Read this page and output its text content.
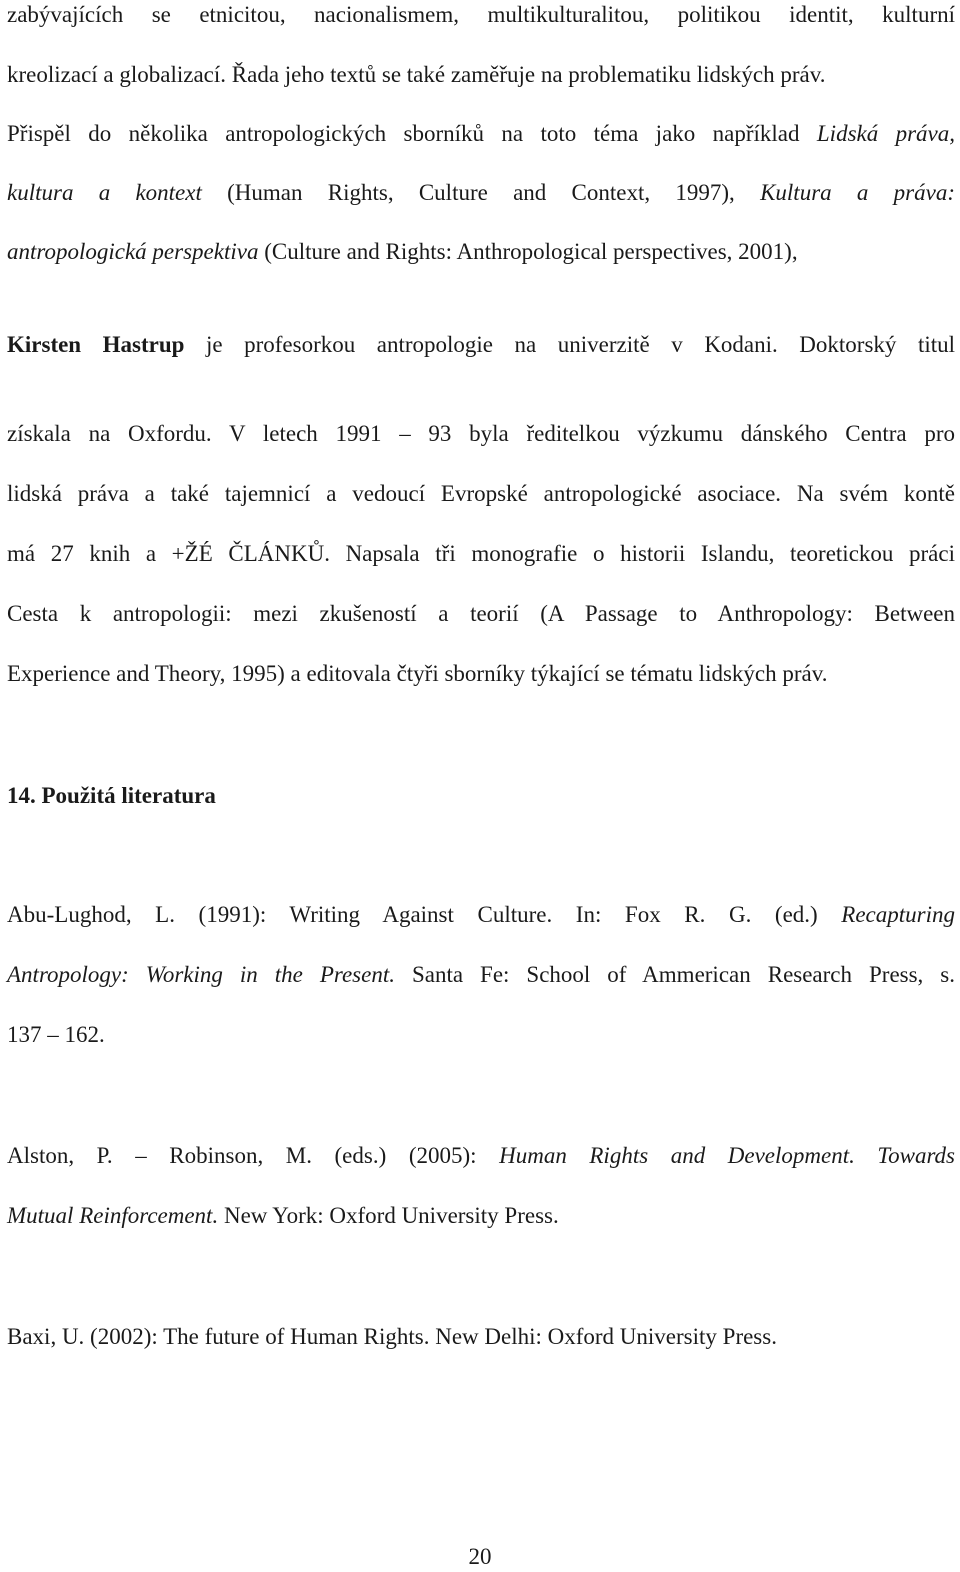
zabývajících se etnicitou, nacionalismem, multikulturalitou, politikou identit, kulturní
kreolizací a globalizací. Řada jeho textů se také zaměřuje na problematiku lidských práv.
Přispěl do několika antropologických sborníků na toto téma jako například Lidská práva,
kultura a kontext (Human Rights, Culture and Context, 1997), Kultura a práva:
antropologická perspektiva (Culture and Rights: Anthropological perspectives, 2001),
Kirsten Hastrup je profesorkou antropologie na univerzitě v Kodani. Doktorský titul
získala na Oxfordu. V letech 1991 – 93 byla ředitelkou výzkumu dánského Centra pro
lidská práva a také tajemnicí a vedoucí Evropské antropologické asociace. Na svém kontě
má 27 knih a +ŽÉ ČLÁNKŮ. Napsala tři monografie o historii Islandu, teoretickou práci
Cesta k antropologii: mezi zkušeností a teorií (A Passage to Anthropology: Between
Experience and Theory, 1995) a editovala čtyři sborníky týkající se tématu lidských práv.
14. Použitá literatura
Abu-Lughod, L. (1991): Writing Against Culture. In: Fox R. G. (ed.) Recapturing
Antropology: Working in the Present. Santa Fe: School of Ammerican Research Press, s.
137 – 162.
Alston, P. – Robinson, M. (eds.) (2005): Human Rights and Development. Towards
Mutual Reinforcement. New York: Oxford University Press.
Baxi, U. (2002): The future of Human Rights. New Delhi: Oxford University Press.
20
